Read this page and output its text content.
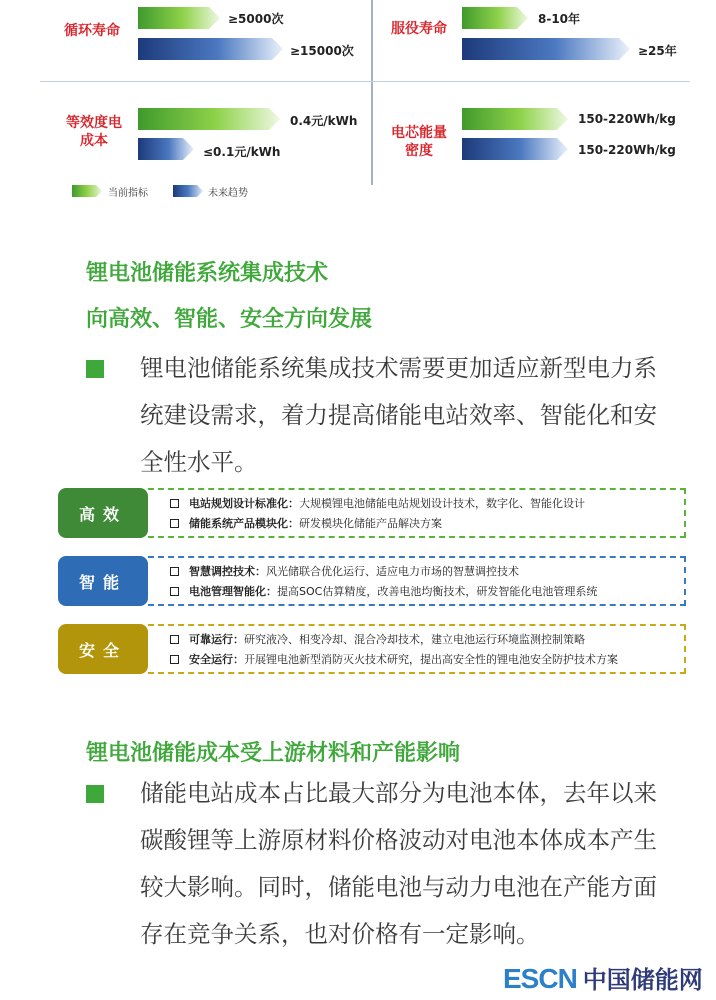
循环寿命
≥5000次
≥15000次
服役寿命
8-10年
≥25年
等效度电
成本
0.4元/kWh
≤0.1元/kWh
电芯能量
密度
150-220Wh/kg
150-220Wh/kg
当前指标	未来趋势
锂电池储能系统集成技术
向高效、智能、安全方向发展
锂电池储能系统集成技术需要更加适应新型电力系统建设需求，着力提高储能电站效率、智能化和安全性水平。
高效
电站规划设计标准化：大规模锂电池储能电站规划设计技术，数字化、智能化设计
储能系统产品模块化：研发模块化储能产品解决方案
智能
智慧调控技术：风光储联合优化运行、适应电力市场的智慧调控技术
电池管理智能化：提高SOC估算精度，改善电池均衡技术，研发智能化电池管理系统
安全
可靠运行：研究液冷、相变冷却、混合冷却技术，建立电池运行环境监测控制策略
安全运行：开展锂电池新型消防灭火技术研究，提出高安全性的锂电池安全防护技术方案
锂电池储能成本受上游材料和产能影响
储能电站成本占比最大部分为电池本体，去年以来碳酸锂等上游原材料价格波动对电池本体成本产生较大影响。同时，储能电池与动力电池在产能方面存在竞争关系，也对价格有一定影响。
ESCN 中国储能网
